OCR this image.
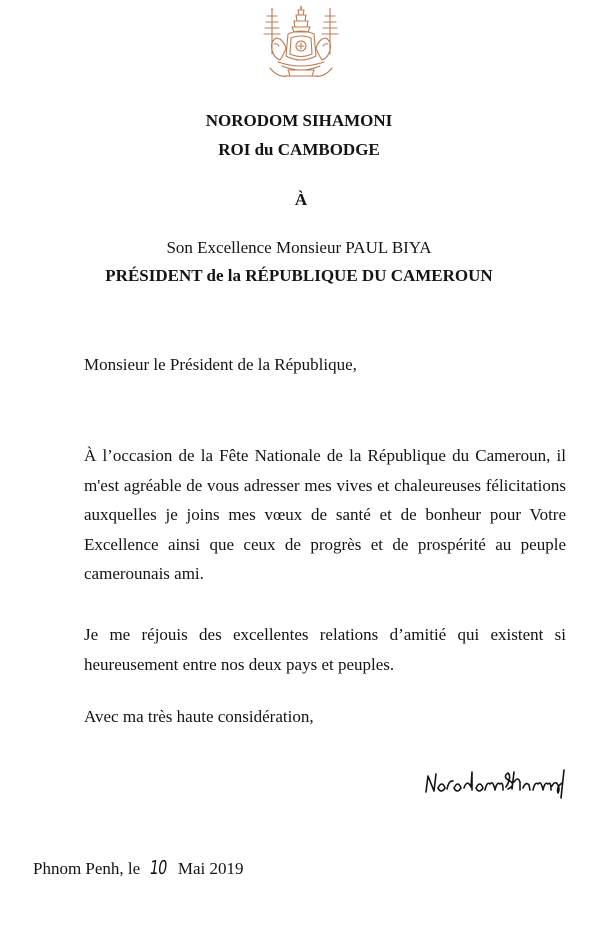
NORODOM SIHAMONI
ROI du CAMBODGE
À
Son Excellence Monsieur PAUL BIYA
PRÉSIDENT de la RÉPUBLIQUE DU CAMEROUN
Monsieur le Président de la République,
À l’occasion de la Fête Nationale de la République du Cameroun, il m'est agréable de vous adresser mes vives et chaleureuses félicitations auxquelles je joins mes vœux de santé et de bonheur pour Votre Excellence ainsi que ceux de progrès et de prospérité au peuple camerounais ami.
Je me réjouis des excellentes relations d’amitié qui existent si heureusement entre nos deux pays et peuples.
Avec ma très haute considération,
Phnom Penh, le 10 Mai 2019
